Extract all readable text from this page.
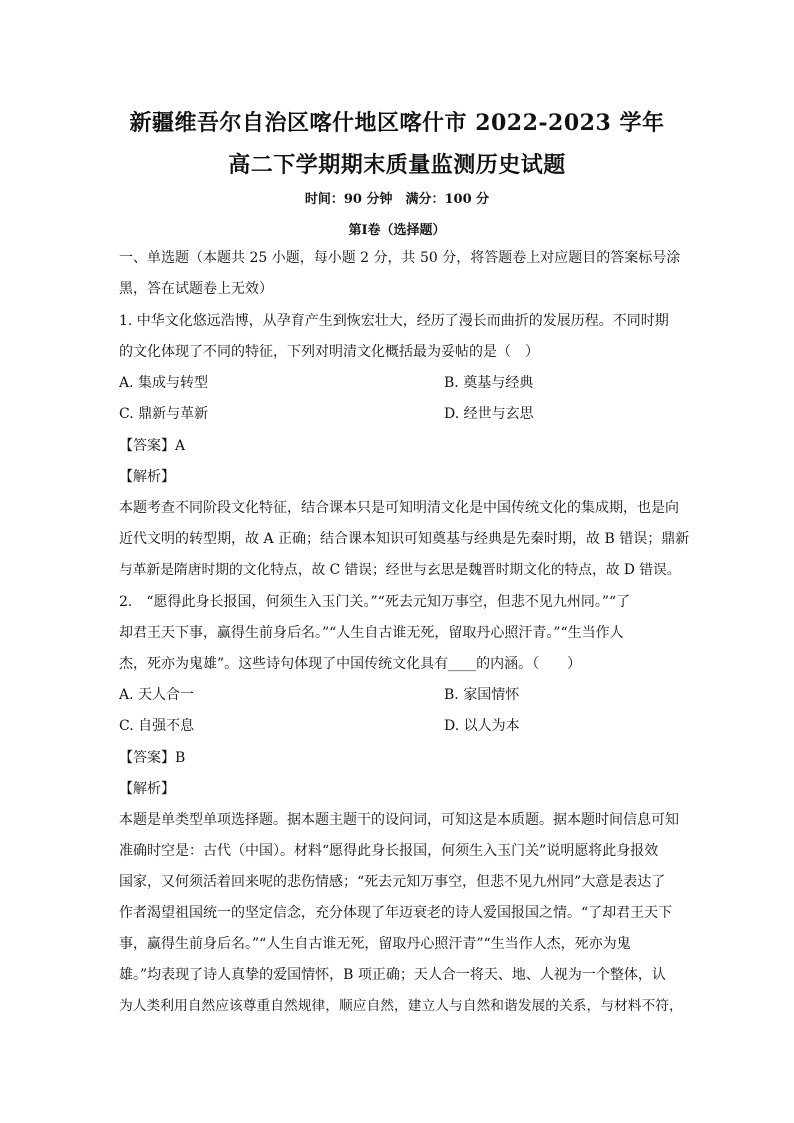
新疆维吾尔自治区喀什地区喀什市 2022-2023 学年
高二下学期期末质量监测历史试题
时间：90 分钟　满分：100 分
第Ⅰ卷（选择题）
一、单选题（本题共 25 小题，每小题 2 分，共 50 分，将答题卷上对应题目的答案标号涂
黑，答在试题卷上无效）
1. 中华文化悠远浩博，从孕育产生到恢宏壮大，经历了漫长而曲折的发展历程。不同时期
的文化体现了不同的特征，下列对明清文化概括最为妥帖的是（　）
A. 集成与转型	B. 奠基与经典
C. 鼎新与革新	D. 经世与玄思
【答案】A
【解析】
本题考查不同阶段文化特征，结合课本只是可知明清文化是中国传统文化的集成期，也是向
近代文明的转型期，故 A 正确；结合课本知识可知奠基与经典是先秦时期，故 B 错误；鼎新
与革新是隋唐时期的文化特点，故 C 错误；经世与玄思是魏晋时期文化的特点，故 D 错误。
2.　“愿得此身长报国，何须生入玉门关。”“死去元知万事空，但悲不见九州同。”“了
却君王天下事，赢得生前身后名。”“人生自古谁无死，留取丹心照汗青。”“生当作人
杰，死亦为鬼雄”。这些诗句体现了中国传统文化具有____的内涵。（　　）
A. 天人合一	B. 家国情怀
C. 自强不息	D. 以人为本
【答案】B
【解析】
本题是单类型单项选择题。据本题主题干的设问词，可知这是本质题。据本题时间信息可知
准确时空是：古代（中国）。材料“愿得此身长报国，何须生入玉门关”说明愿将此身报效
国家，又何须活着回来呢的悲伤情感；“死去元知万事空，但悲不见九州同”大意是表达了
作者渴望祖国统一的坚定信念，充分体现了年迈衰老的诗人爱国报国之情。“了却君王天下
事，赢得生前身后名。”“人生自古谁无死，留取丹心照汗青”“生当作人杰，死亦为鬼
雄。”均表现了诗人真挚的爱国情怀，B 项正确；天人合一将天、地、人视为一个整体，认
为人类利用自然应该尊重自然规律，顺应自然，建立人与自然和谐发展的关系，与材料不符，
